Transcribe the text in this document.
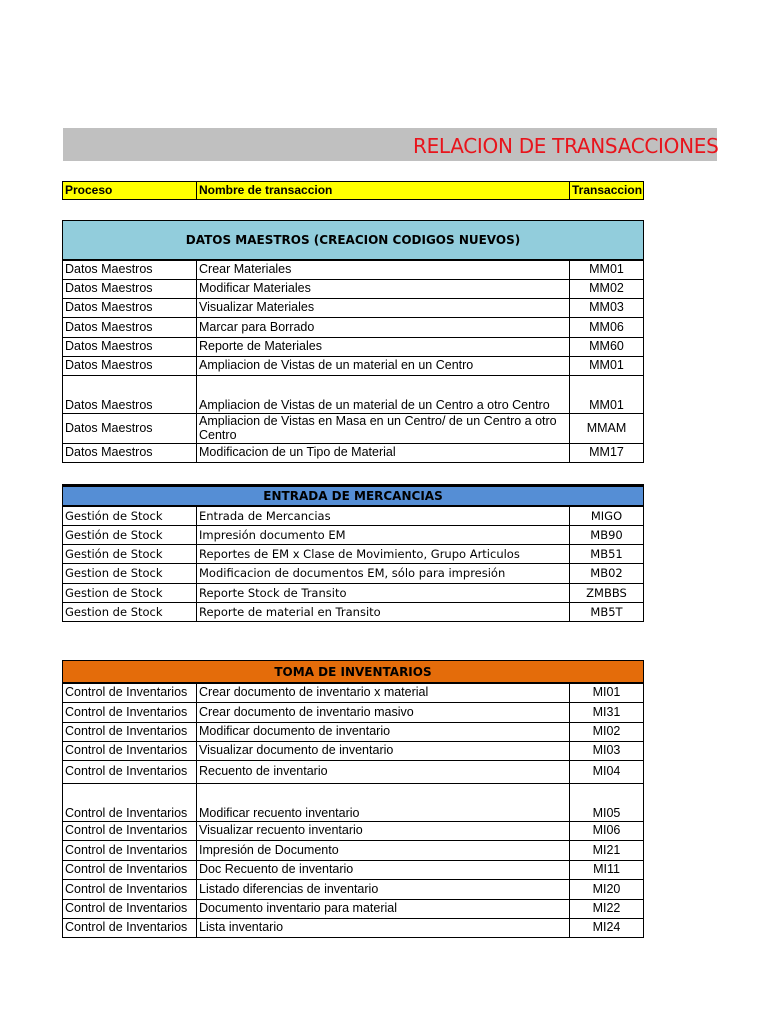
RELACION DE TRANSACCIONES
Proceso	Nombre de transaccion	Transaccion
DATOS MAESTROS (CREACION CODIGOS NUEVOS)
Datos Maestros	Crear Materiales	MM01
Datos Maestros	Modificar Materiales	MM02
Datos Maestros	Visualizar Materiales	MM03
Datos Maestros	Marcar para Borrado	MM06
Datos Maestros	Reporte de Materiales	MM60
Datos Maestros	Ampliacion de Vistas de un material en un Centro	MM01
Datos Maestros	Ampliacion de Vistas de un material de un Centro a otro Centro	MM01
Datos Maestros	Ampliacion de Vistas en Masa en un Centro/ de un Centro a otro Centro	MMAM
Datos Maestros	Modificacion de un Tipo de Material	MM17
ENTRADA DE MERCANCIAS
Gestión de Stock	Entrada de Mercancias	MIGO
Gestión de Stock	Impresión documento EM	MB90
Gestión de Stock	Reportes de EM x Clase de Movimiento, Grupo Articulos	MB51
Gestion de Stock	Modificacion de documentos EM, sólo para impresión	MB02
Gestion de Stock	Reporte Stock de Transito	ZMBBS
Gestion de Stock	Reporte de material en Transito	MB5T
TOMA DE INVENTARIOS
Control de Inventarios	Crear documento de inventario x material	MI01
Control de Inventarios	Crear documento de inventario masivo	MI31
Control de Inventarios	Modificar documento de inventario	MI02
Control de Inventarios	Visualizar documento de inventario	MI03
Control de Inventarios	Recuento de inventario	MI04
Control de Inventarios	Modificar recuento inventario	MI05
Control de Inventarios	Visualizar recuento inventario	MI06
Control de Inventarios	Impresión de Documento	MI21
Control de Inventarios	Doc Recuento de inventario	MI11
Control de Inventarios	Listado diferencias de inventario	MI20
Control de Inventarios	Documento inventario para material	MI22
Control de Inventarios	Lista inventario	MI24
